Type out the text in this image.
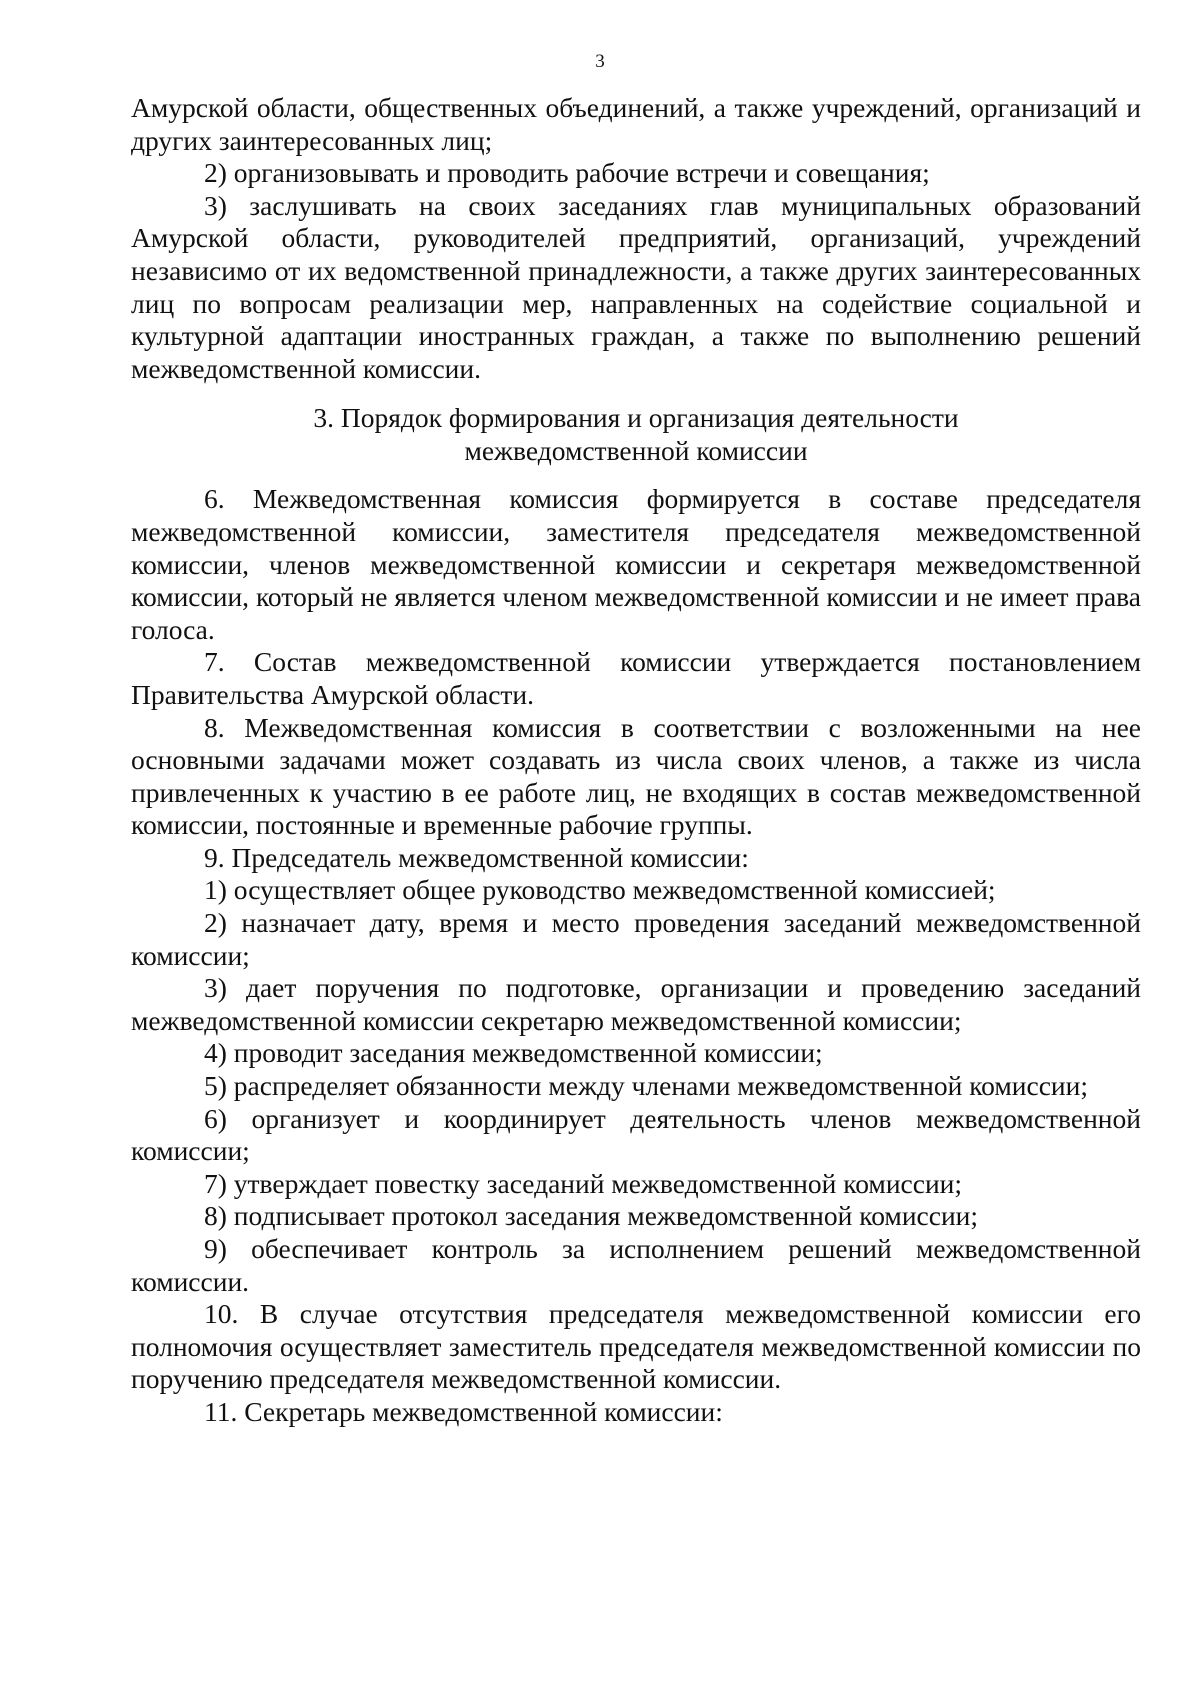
3

Амурской области, общественных объединений, а также учреждений, организаций и других заинтересованных лиц;

2) организовывать и проводить рабочие встречи и совещания;

3) заслушивать на своих заседаниях глав муниципальных образований Амурской области, руководителей предприятий, организаций, учреждений независимо от их ведомственной принадлежности, а также других заинтересованных лиц по вопросам реализации мер, направленных на содействие социальной и культурной адаптации иностранных граждан, а также по выполнению решений межведомственной комиссии.

3. Порядок формирования и организация деятельности
межведомственной комиссии

6. Межведомственная комиссия формируется в составе председателя межведомственной комиссии, заместителя председателя межведомственной комиссии, членов межведомственной комиссии и секретаря межведомственной комиссии, который не является членом межведомственной комиссии и не имеет права голоса.

7. Состав межведомственной комиссии утверждается постановлением Правительства Амурской области.

8. Межведомственная комиссия в соответствии с возложенными на нее основными задачами может создавать из числа своих членов, а также из числа привлеченных к участию в ее работе лиц, не входящих в состав межведомственной комиссии, постоянные и временные рабочие группы.

9. Председатель межведомственной комиссии:

1) осуществляет общее руководство межведомственной комиссией;

2) назначает дату, время и место проведения заседаний межведомственной комиссии;

3) дает поручения по подготовке, организации и проведению заседаний межведомственной комиссии секретарю межведомственной комиссии;

4) проводит заседания межведомственной комиссии;

5) распределяет обязанности между членами межведомственной комиссии;

6) организует и координирует деятельность членов межведомственной комиссии;

7) утверждает повестку заседаний межведомственной комиссии;

8) подписывает протокол заседания межведомственной комиссии;

9) обеспечивает контроль за исполнением решений межведомственной комиссии.

10. В случае отсутствия председателя межведомственной комиссии его полномочия осуществляет заместитель председателя межведомственной комиссии по поручению председателя межведомственной комиссии.

11. Секретарь межведомственной комиссии:
